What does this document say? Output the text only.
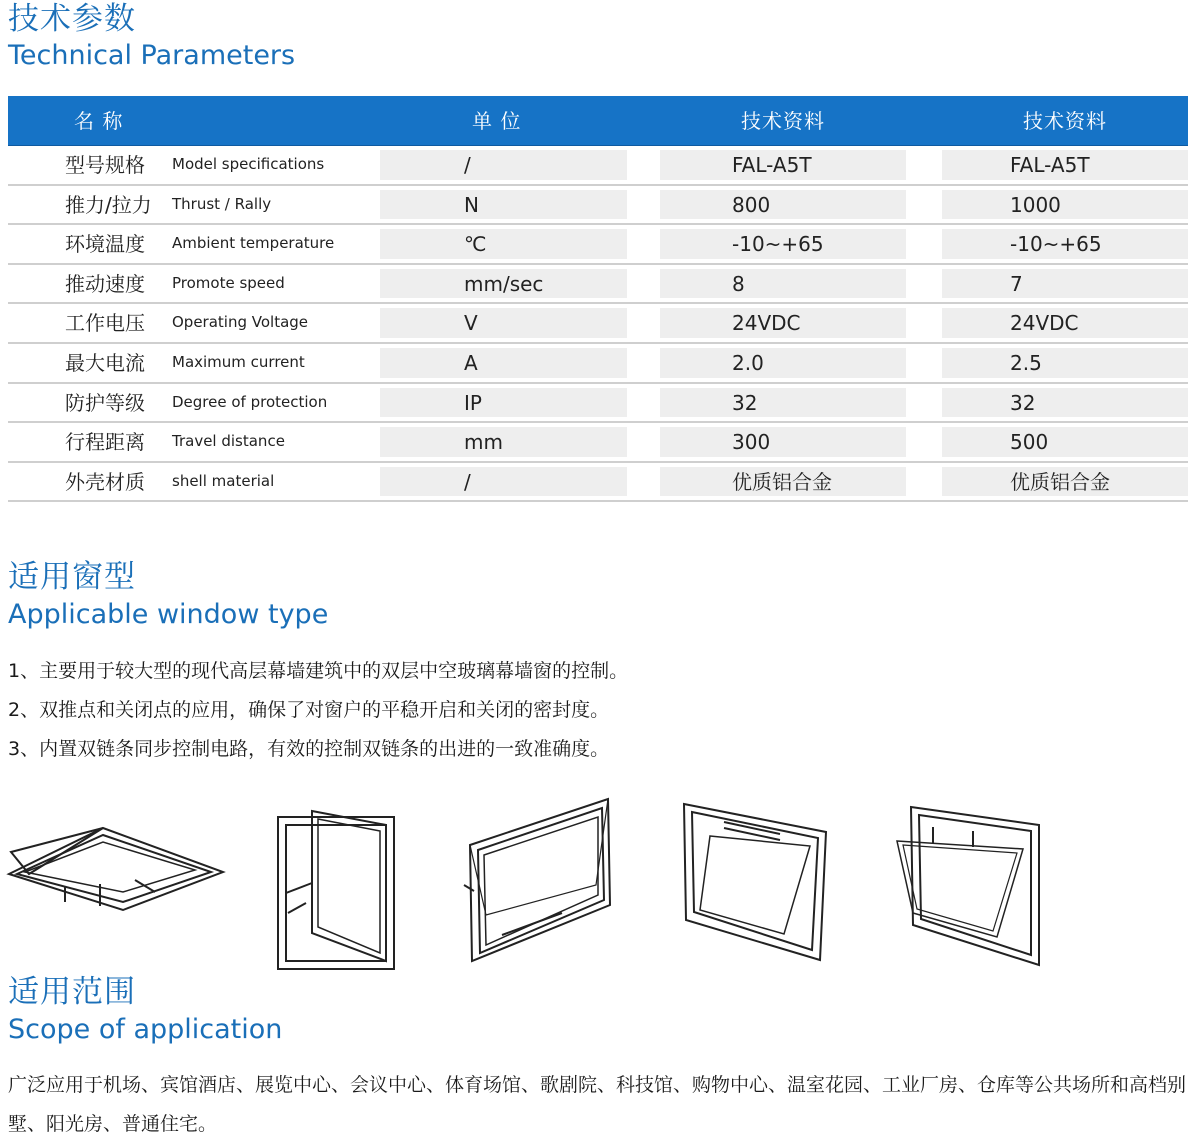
技术参数
Technical Parameters
名 称	单 位	技术资料	技术资料
型号规格 Model specifications	/	FAL-A5T	FAL-A5T
推力/拉力 Thrust / Rally	N	800	1000
环境温度 Ambient temperature	℃	-10~+65	-10~+65
推动速度 Promote speed	mm/sec	8	7
工作电压 Operating Voltage	V	24VDC	24VDC
最大电流 Maximum current	A	2.0	2.5
防护等级 Degree of protection	IP	32	32
行程距离 Travel distance	mm	300	500
外壳材质 shell material	/	优质铝合金	优质铝合金
适用窗型
Applicable window type
1、主要用于较大型的现代高层幕墙建筑中的双层中空玻璃幕墙窗的控制。
2、双推点和关闭点的应用，确保了对窗户的平稳开启和关闭的密封度。
3、内置双链条同步控制电路，有效的控制双链条的出进的一致准确度。
适用范围
Scope of application
广泛应用于机场、宾馆酒店、展览中心、会议中心、体育场馆、歌剧院、科技馆、购物中心、温室花园、工业厂房、仓库等公共场所和高档别墅、阳光房、普通住宅。
